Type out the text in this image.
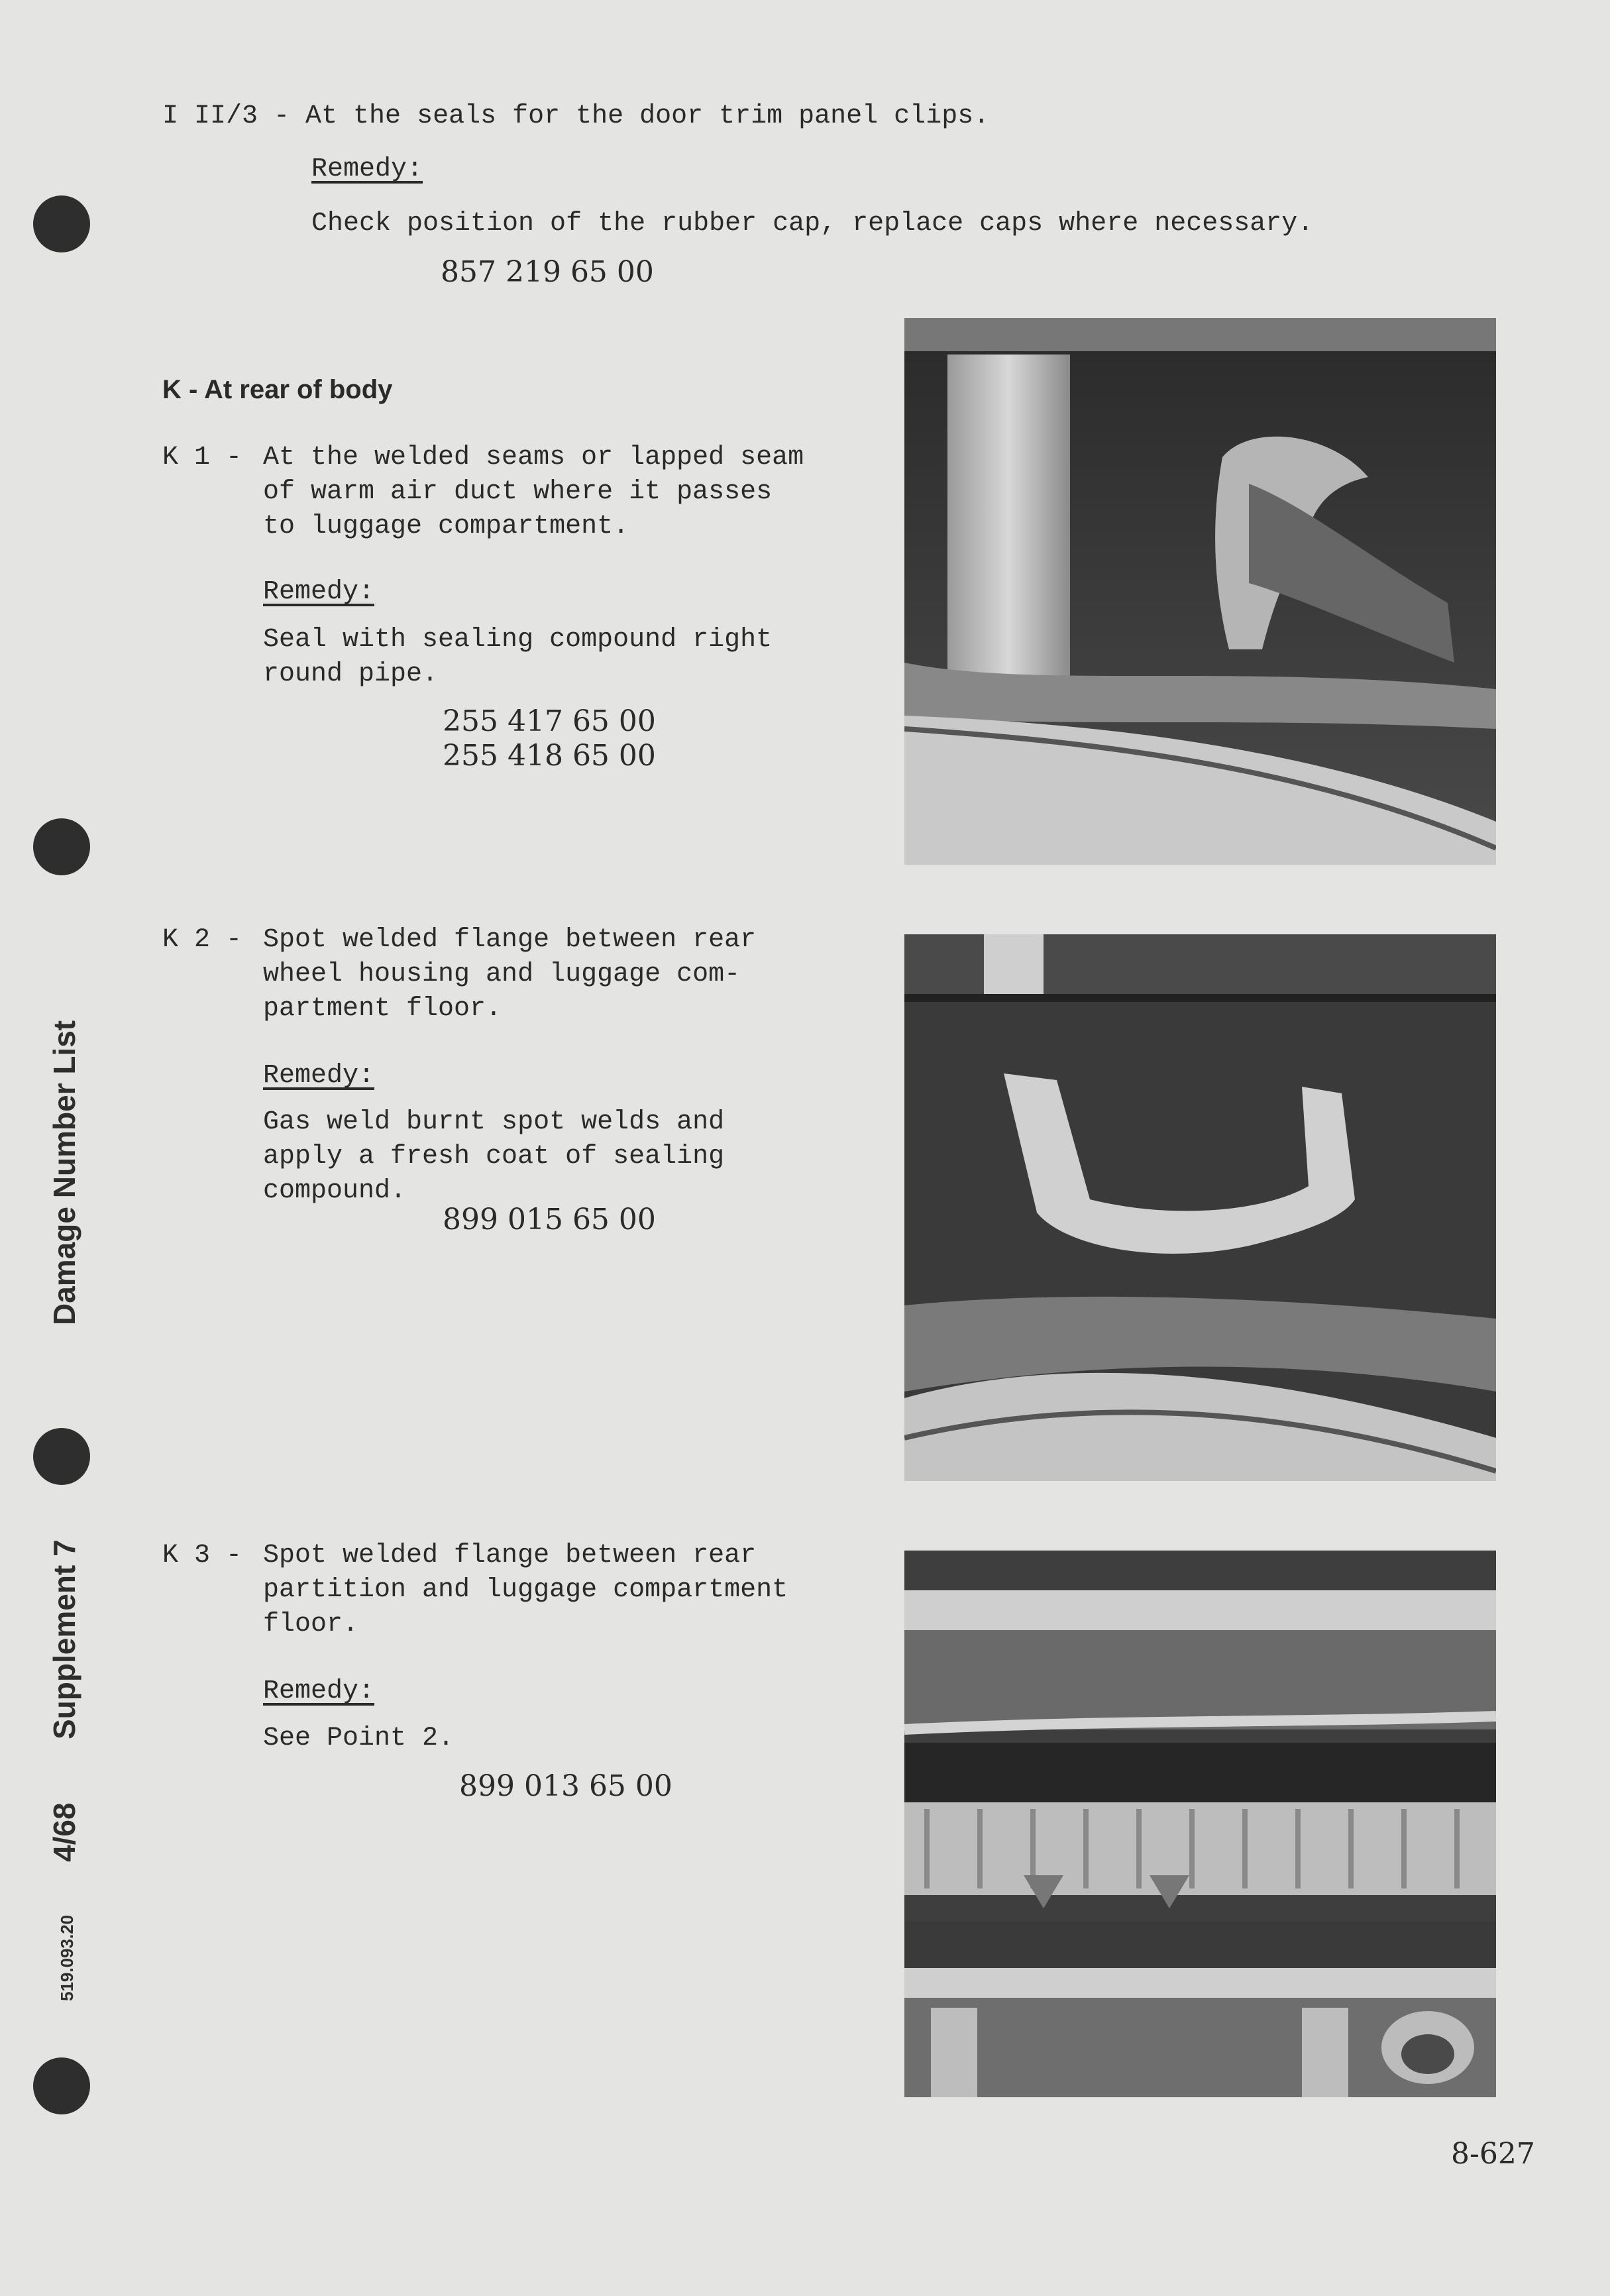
Damage Number List
Supplement 7
4/68
519.093.20
I II/3 - At the seals for the door trim panel clips.
Remedy:
Check position of the rubber cap, replace caps where necessary.
857 219 65 00
K - At rear of body
K 1 - At the welded seams or lapped seam
of warm air duct where it passes
to luggage compartment.
Remedy:
Seal with sealing compound right
round pipe.
255 417 65 00
255 418 65 00
K 2 - Spot welded flange between rear
wheel housing and luggage com-
partment floor.
Remedy:
Gas weld burnt spot welds and
apply a fresh coat of sealing
compound.
899 015 65 00
K 3 - Spot welded flange between rear
partition and luggage compartment
floor.
Remedy:
See Point 2.
899 013 65 00
8-627
